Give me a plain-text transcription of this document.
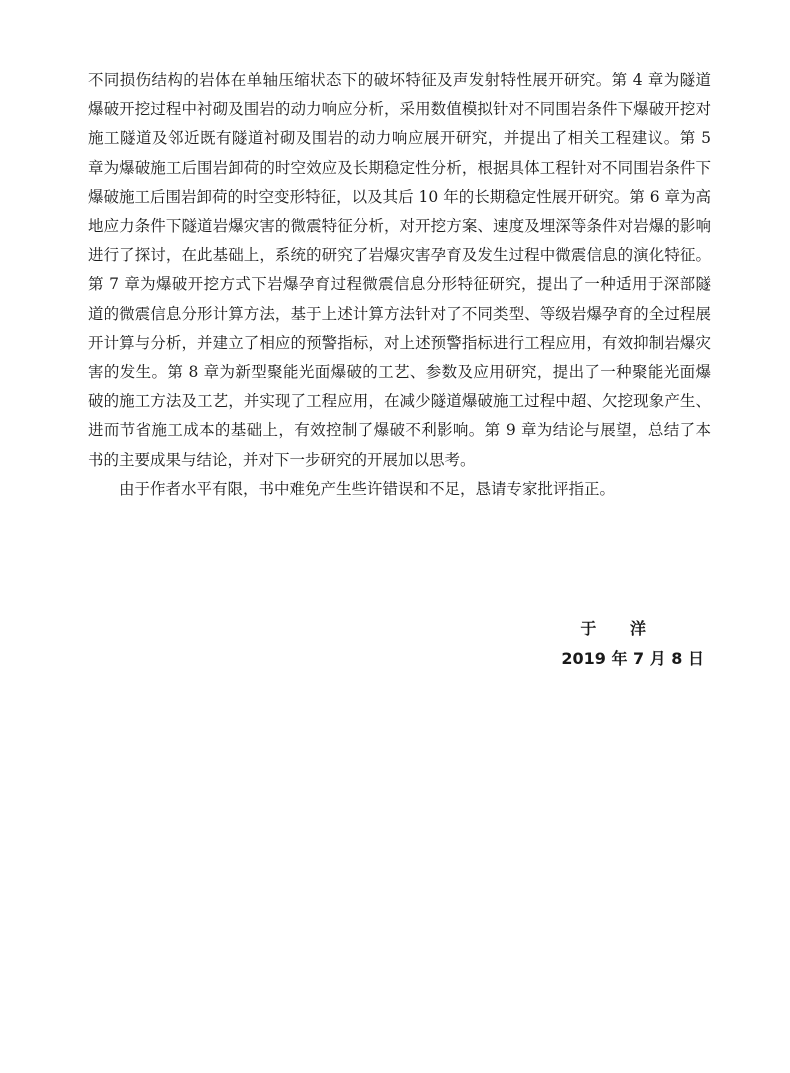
不同损伤结构的岩体在单轴压缩状态下的破坏特征及声发射特性展开研究。第 4 章为隧道爆破开挖过程中衬砌及围岩的动力响应分析，采用数值模拟针对不同围岩条件下爆破开挖对施工隧道及邻近既有隧道衬砌及围岩的动力响应展开研究，并提出了相关工程建议。第 5 章为爆破施工后围岩卸荷的时空效应及长期稳定性分析，根据具体工程针对不同围岩条件下爆破施工后围岩卸荷的时空变形特征，以及其后 10 年的长期稳定性展开研究。第 6 章为高地应力条件下隧道岩爆灾害的微震特征分析，对开挖方案、速度及埋深等条件对岩爆的影响进行了探讨，在此基础上，系统的研究了岩爆灾害孕育及发生过程中微震信息的演化特征。第 7 章为爆破开挖方式下岩爆孕育过程微震信息分形特征研究，提出了一种适用于深部隧道的微震信息分形计算方法，基于上述计算方法针对了不同类型、等级岩爆孕育的全过程展开计算与分析，并建立了相应的预警指标，对上述预警指标进行工程应用，有效抑制岩爆灾害的发生。第 8 章为新型聚能光面爆破的工艺、参数及应用研究，提出了一种聚能光面爆破的施工方法及工艺，并实现了工程应用，在减少隧道爆破施工过程中超、欠挖现象产生、进而节省施工成本的基础上，有效控制了爆破不利影响。第 9 章为结论与展望，总结了本书的主要成果与结论，并对下一步研究的开展加以思考。

由于作者水平有限，书中难免产生些许错误和不足，恳请专家批评指正。

于 洋
2019 年 7 月 8 日
